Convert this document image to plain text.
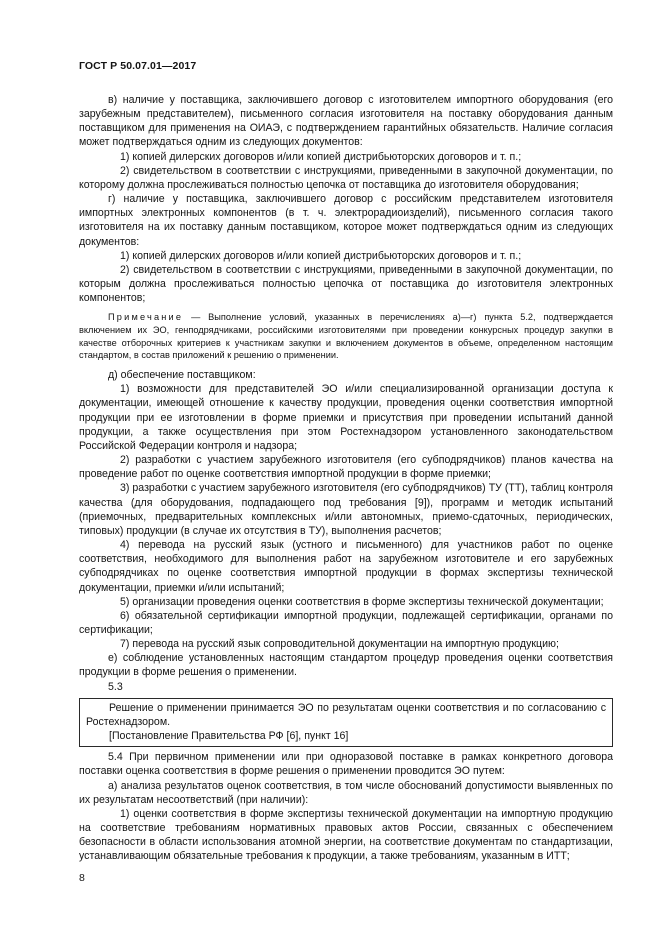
ГОСТ Р 50.07.01—2017

в) наличие у поставщика, заключившего договор с изготовителем импортного оборудования (его зарубежным представителем), письменного согласия изготовителя на поставку оборудования данным поставщиком для применения на ОИАЭ, с подтверждением гарантийных обязательств. Наличие согласия может подтверждаться одним из следующих документов:

1) копией дилерских договоров и/или копией дистрибьюторских договоров и т. п.;

2) свидетельством в соответствии с инструкциями, приведенными в закупочной документации, по которому должна прослеживаться полностью цепочка от поставщика до изготовителя оборудования;

г) наличие у поставщика, заключившего договор с российским представителем изготовителя импортных электронных компонентов (в т. ч. электрорадиоизделий), письменного согласия такого изготовителя на их поставку данным поставщиком, которое может подтверждаться одним из следующих документов:

1) копией дилерских договоров и/или копией дистрибьюторских договоров и т. п.;

2) свидетельством в соответствии с инструкциями, приведенными в закупочной документации, по которым должна прослеживаться полностью цепочка от поставщика до изготовителя электронных компонентов;

Примечание — Выполнение условий, указанных в перечислениях а)—г) пункта 5.2, подтверждается включением их ЭО, генподрядчиками, российскими изготовителями при проведении конкурсных процедур закупки в качестве отборочных критериев к участникам закупки и включением документов в объеме, определенном настоящим стандартом, в состав приложений к решению о применении.

д) обеспечение поставщиком:

1) возможности для представителей ЭО и/или специализированной организации доступа к документации, имеющей отношение к качеству продукции, проведения оценки соответствия импортной продукции при ее изготовлении в форме приемки и присутствия при проведении испытаний данной продукции, а также осуществления при этом Ростехнадзором установленного законодательством Российской Федерации контроля и надзора;

2) разработки с участием зарубежного изготовителя (его субподрядчиков) планов качества на проведение работ по оценке соответствия импортной продукции в форме приемки;

3) разработки с участием зарубежного изготовителя (его субподрядчиков) ТУ (ТТ), таблиц контроля качества (для оборудования, подпадающего под требования [9]), программ и методик испытаний (приемочных, предварительных комплексных и/или автономных, приемо-сдаточных, периодических, типовых) продукции (в случае их отсутствия в ТУ), выполнения расчетов;

4) перевода на русский язык (устного и письменного) для участников работ по оценке соответствия, необходимого для выполнения работ на зарубежном изготовителе и его зарубежных субподрядчиках по оценке соответствия импортной продукции в формах экспертизы технической документации, приемки и/или испытаний;

5) организации проведения оценки соответствия в форме экспертизы технической документации;

6) обязательной сертификации импортной продукции, подлежащей сертификации, органами по сертификации;

7) перевода на русский язык сопроводительной документации на импортную продукцию;

е) соблюдение установленных настоящим стандартом процедур проведения оценки соответствия продукции в форме решения о применении.

5.3

Решение о применении принимается ЭО по результатам оценки соответствия и по согласованию с Ростехнадзором.

[Постановление Правительства РФ [6], пункт 16]

5.4 При первичном применении или при одноразовой поставке в рамках конкретного договора поставки оценка соответствия в форме решения о применении проводится ЭО путем:

а) анализа результатов оценок соответствия, в том числе обоснований допустимости выявленных по их результатам несоответствий (при наличии):

1) оценки соответствия в форме экспертизы технической документации на импортную продукцию на соответствие требованиям нормативных правовых актов России, связанных с обеспечением безопасности в области использования атомной энергии, на соответствие документам по стандартизации, устанавливающим обязательные требования к продукции, а также требованиям, указанным в ИТТ;

8
